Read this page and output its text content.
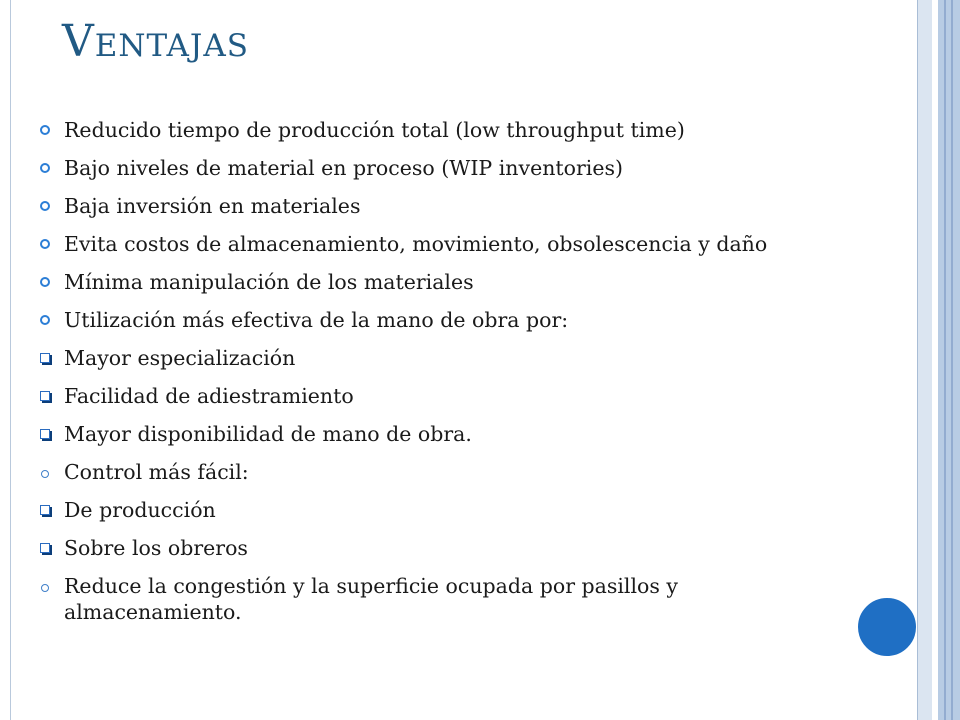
Ventajas
Reducido tiempo de producción total (low throughput time)
Bajo niveles de material en proceso (WIP inventories)
Baja inversión en materiales
Evita costos de almacenamiento, movimiento, obsolescencia y daño
Mínima manipulación de los materiales
Utilización más efectiva de la mano de obra por:
Mayor especialización
Facilidad de adiestramiento
Mayor disponibilidad de mano de obra.
Control más fácil:
De producción
Sobre los obreros
Reduce la congestión y la superficie ocupada por pasillos y almacenamiento.
